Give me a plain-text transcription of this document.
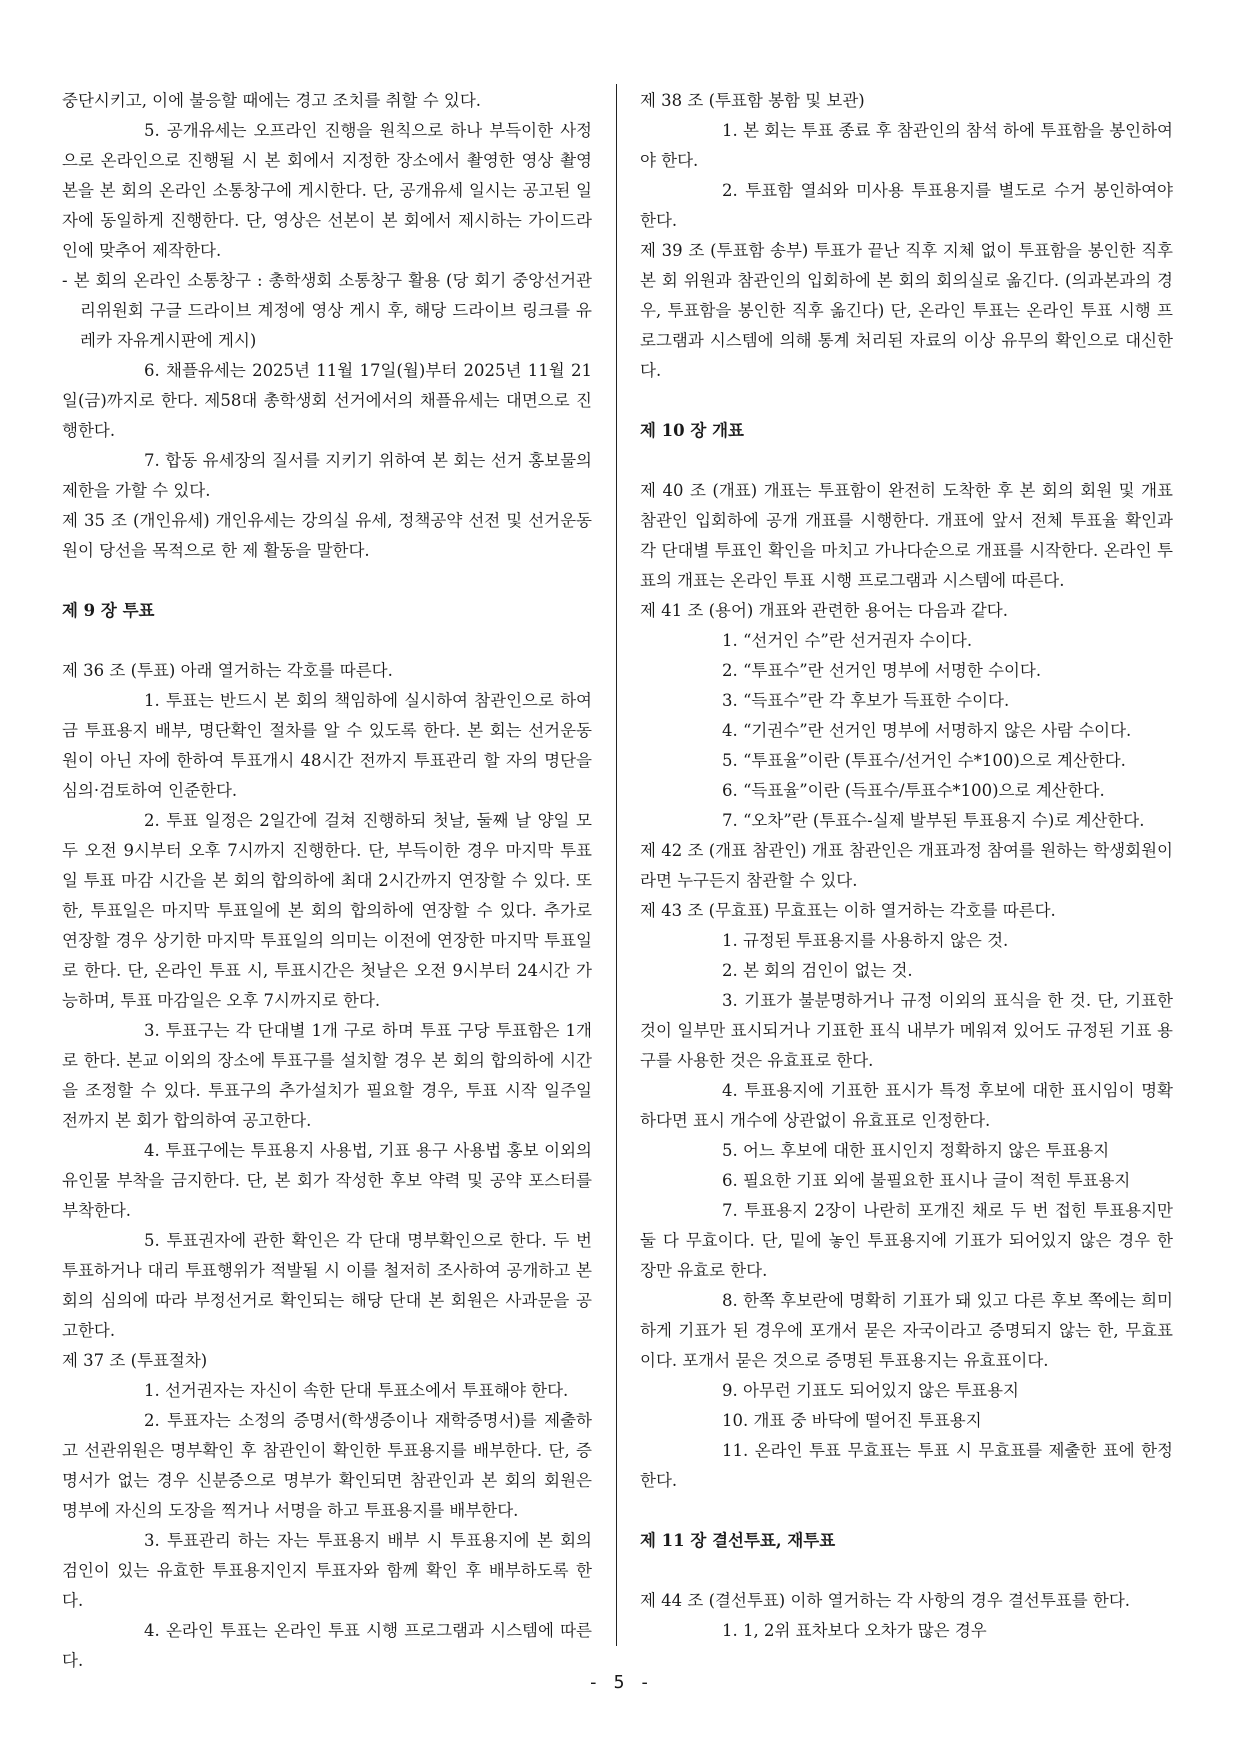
중단시키고, 이에 불응할 때에는 경고 조치를 취할 수 있다.

5. 공개유세는 오프라인 진행을 원칙으로 하나 부득이한 사정으로 온라인으로 진행될 시 본 회에서 지정한 장소에서 촬영한 영상 촬영본을 본 회의 온라인 소통창구에 게시한다. 단, 공개유세 일시는 공고된 일자에 동일하게 진행한다. 단, 영상은 선본이 본 회에서 제시하는 가이드라인에 맞추어 제작한다.

- 본 회의 온라인 소통창구 : 총학생회 소통창구 활용 (당 회기 중앙선거관리위원회 구글 드라이브 계정에 영상 게시 후, 해당 드라이브 링크를 유레카 자유게시판에 게시)

6. 채플유세는 2025년 11월 17일(월)부터 2025년 11월 21일(금)까지로 한다. 제58대 총학생회 선거에서의 채플유세는 대면으로 진행한다.

7. 합동 유세장의 질서를 지키기 위하여 본 회는 선거 홍보물의 제한을 가할 수 있다.

제 35 조 (개인유세) 개인유세는 강의실 유세, 정책공약 선전 및 선거운동원이 당선을 목적으로 한 제 활동을 말한다.

제 9 장 투표

제 36 조 (투표) 아래 열거하는 각호를 따른다.

1. 투표는 반드시 본 회의 책임하에 실시하여 참관인으로 하여금 투표용지 배부, 명단확인 절차를 알 수 있도록 한다. 본 회는 선거운동원이 아닌 자에 한하여 투표개시 48시간 전까지 투표관리 할 자의 명단을 심의·검토하여 인준한다.

2. 투표 일정은 2일간에 걸쳐 진행하되 첫날, 둘째 날 양일 모두 오전 9시부터 오후 7시까지 진행한다. 단, 부득이한 경우 마지막 투표일 투표 마감 시간을 본 회의 합의하에 최대 2시간까지 연장할 수 있다. 또한, 투표일은 마지막 투표일에 본 회의 합의하에 연장할 수 있다. 추가로 연장할 경우 상기한 마지막 투표일의 의미는 이전에 연장한 마지막 투표일로 한다. 단, 온라인 투표 시, 투표시간은 첫날은 오전 9시부터 24시간 가능하며, 투표 마감일은 오후 7시까지로 한다.

3. 투표구는 각 단대별 1개 구로 하며 투표 구당 투표함은 1개로 한다. 본교 이외의 장소에 투표구를 설치할 경우 본 회의 합의하에 시간을 조정할 수 있다. 투표구의 추가설치가 필요할 경우, 투표 시작 일주일 전까지 본 회가 합의하여 공고한다.

4. 투표구에는 투표용지 사용법, 기표 용구 사용법 홍보 이외의 유인물 부착을 금지한다. 단, 본 회가 작성한 후보 약력 및 공약 포스터를 부착한다.

5. 투표권자에 관한 확인은 각 단대 명부확인으로 한다. 두 번 투표하거나 대리 투표행위가 적발될 시 이를 철저히 조사하여 공개하고 본 회의 심의에 따라 부정선거로 확인되는 해당 단대 본 회원은 사과문을 공고한다.

제 37 조 (투표절차)

1. 선거권자는 자신이 속한 단대 투표소에서 투표해야 한다.

2. 투표자는 소정의 증명서(학생증이나 재학증명서)를 제출하고 선관위원은 명부확인 후 참관인이 확인한 투표용지를 배부한다. 단, 증명서가 없는 경우 신분증으로 명부가 확인되면 참관인과 본 회의 회원은 명부에 자신의 도장을 찍거나 서명을 하고 투표용지를 배부한다.

3. 투표관리 하는 자는 투표용지 배부 시 투표용지에 본 회의 검인이 있는 유효한 투표용지인지 투표자와 함께 확인 후 배부하도록 한다.

4. 온라인 투표는 온라인 투표 시행 프로그램과 시스템에 따른다.

제 38 조 (투표함 봉함 및 보관)

1. 본 회는 투표 종료 후 참관인의 참석 하에 투표함을 봉인하여야 한다.

2. 투표함 열쇠와 미사용 투표용지를 별도로 수거 봉인하여야 한다.

제 39 조 (투표함 송부) 투표가 끝난 직후 지체 없이 투표함을 봉인한 직후 본 회 위원과 참관인의 입회하에 본 회의 회의실로 옮긴다. (의과본과의 경우, 투표함을 봉인한 직후 옮긴다) 단, 온라인 투표는 온라인 투표 시행 프로그램과 시스템에 의해 통계 처리된 자료의 이상 유무의 확인으로 대신한다.

제 10 장 개표

제 40 조 (개표) 개표는 투표함이 완전히 도착한 후 본 회의 회원 및 개표 참관인 입회하에 공개 개표를 시행한다. 개표에 앞서 전체 투표율 확인과 각 단대별 투표인 확인을 마치고 가나다순으로 개표를 시작한다. 온라인 투표의 개표는 온라인 투표 시행 프로그램과 시스템에 따른다.

제 41 조 (용어) 개표와 관련한 용어는 다음과 같다.

1. “선거인 수”란 선거권자 수이다.

2. “투표수”란 선거인 명부에 서명한 수이다.

3. “득표수”란 각 후보가 득표한 수이다.

4. “기권수”란 선거인 명부에 서명하지 않은 사람 수이다.

5. “투표율”이란 (투표수/선거인 수*100)으로 계산한다.

6. “득표율”이란 (득표수/투표수*100)으로 계산한다.

7. “오차”란 (투표수-실제 발부된 투표용지 수)로 계산한다.

제 42 조 (개표 참관인) 개표 참관인은 개표과정 참여를 원하는 학생회원이라면 누구든지 참관할 수 있다.

제 43 조 (무효표) 무효표는 이하 열거하는 각호를 따른다.

1. 규정된 투표용지를 사용하지 않은 것.

2. 본 회의 검인이 없는 것.

3. 기표가 불분명하거나 규정 이외의 표식을 한 것. 단, 기표한 것이 일부만 표시되거나 기표한 표식 내부가 메워져 있어도 규정된 기표 용구를 사용한 것은 유효표로 한다.

4. 투표용지에 기표한 표시가 특정 후보에 대한 표시임이 명확하다면 표시 개수에 상관없이 유효표로 인정한다.

5. 어느 후보에 대한 표시인지 정확하지 않은 투표용지

6. 필요한 기표 외에 불필요한 표시나 글이 적힌 투표용지

7. 투표용지 2장이 나란히 포개진 채로 두 번 접힌 투표용지만 둘 다 무효이다. 단, 밑에 놓인 투표용지에 기표가 되어있지 않은 경우 한 장만 유효로 한다.

8. 한쪽 후보란에 명확히 기표가 돼 있고 다른 후보 쪽에는 희미하게 기표가 된 경우에 포개서 묻은 자국이라고 증명되지 않는 한, 무효표이다. 포개서 묻은 것으로 증명된 투표용지는 유효표이다.

9. 아무런 기표도 되어있지 않은 투표용지

10. 개표 중 바닥에 떨어진 투표용지

11. 온라인 투표 무효표는 투표 시 무효표를 제출한 표에 한정한다.

제 11 장 결선투표, 재투표

제 44 조 (결선투표) 이하 열거하는 각 사항의 경우 결선투표를 한다.

1. 1, 2위 표차보다 오차가 많은 경우

- 5 -
